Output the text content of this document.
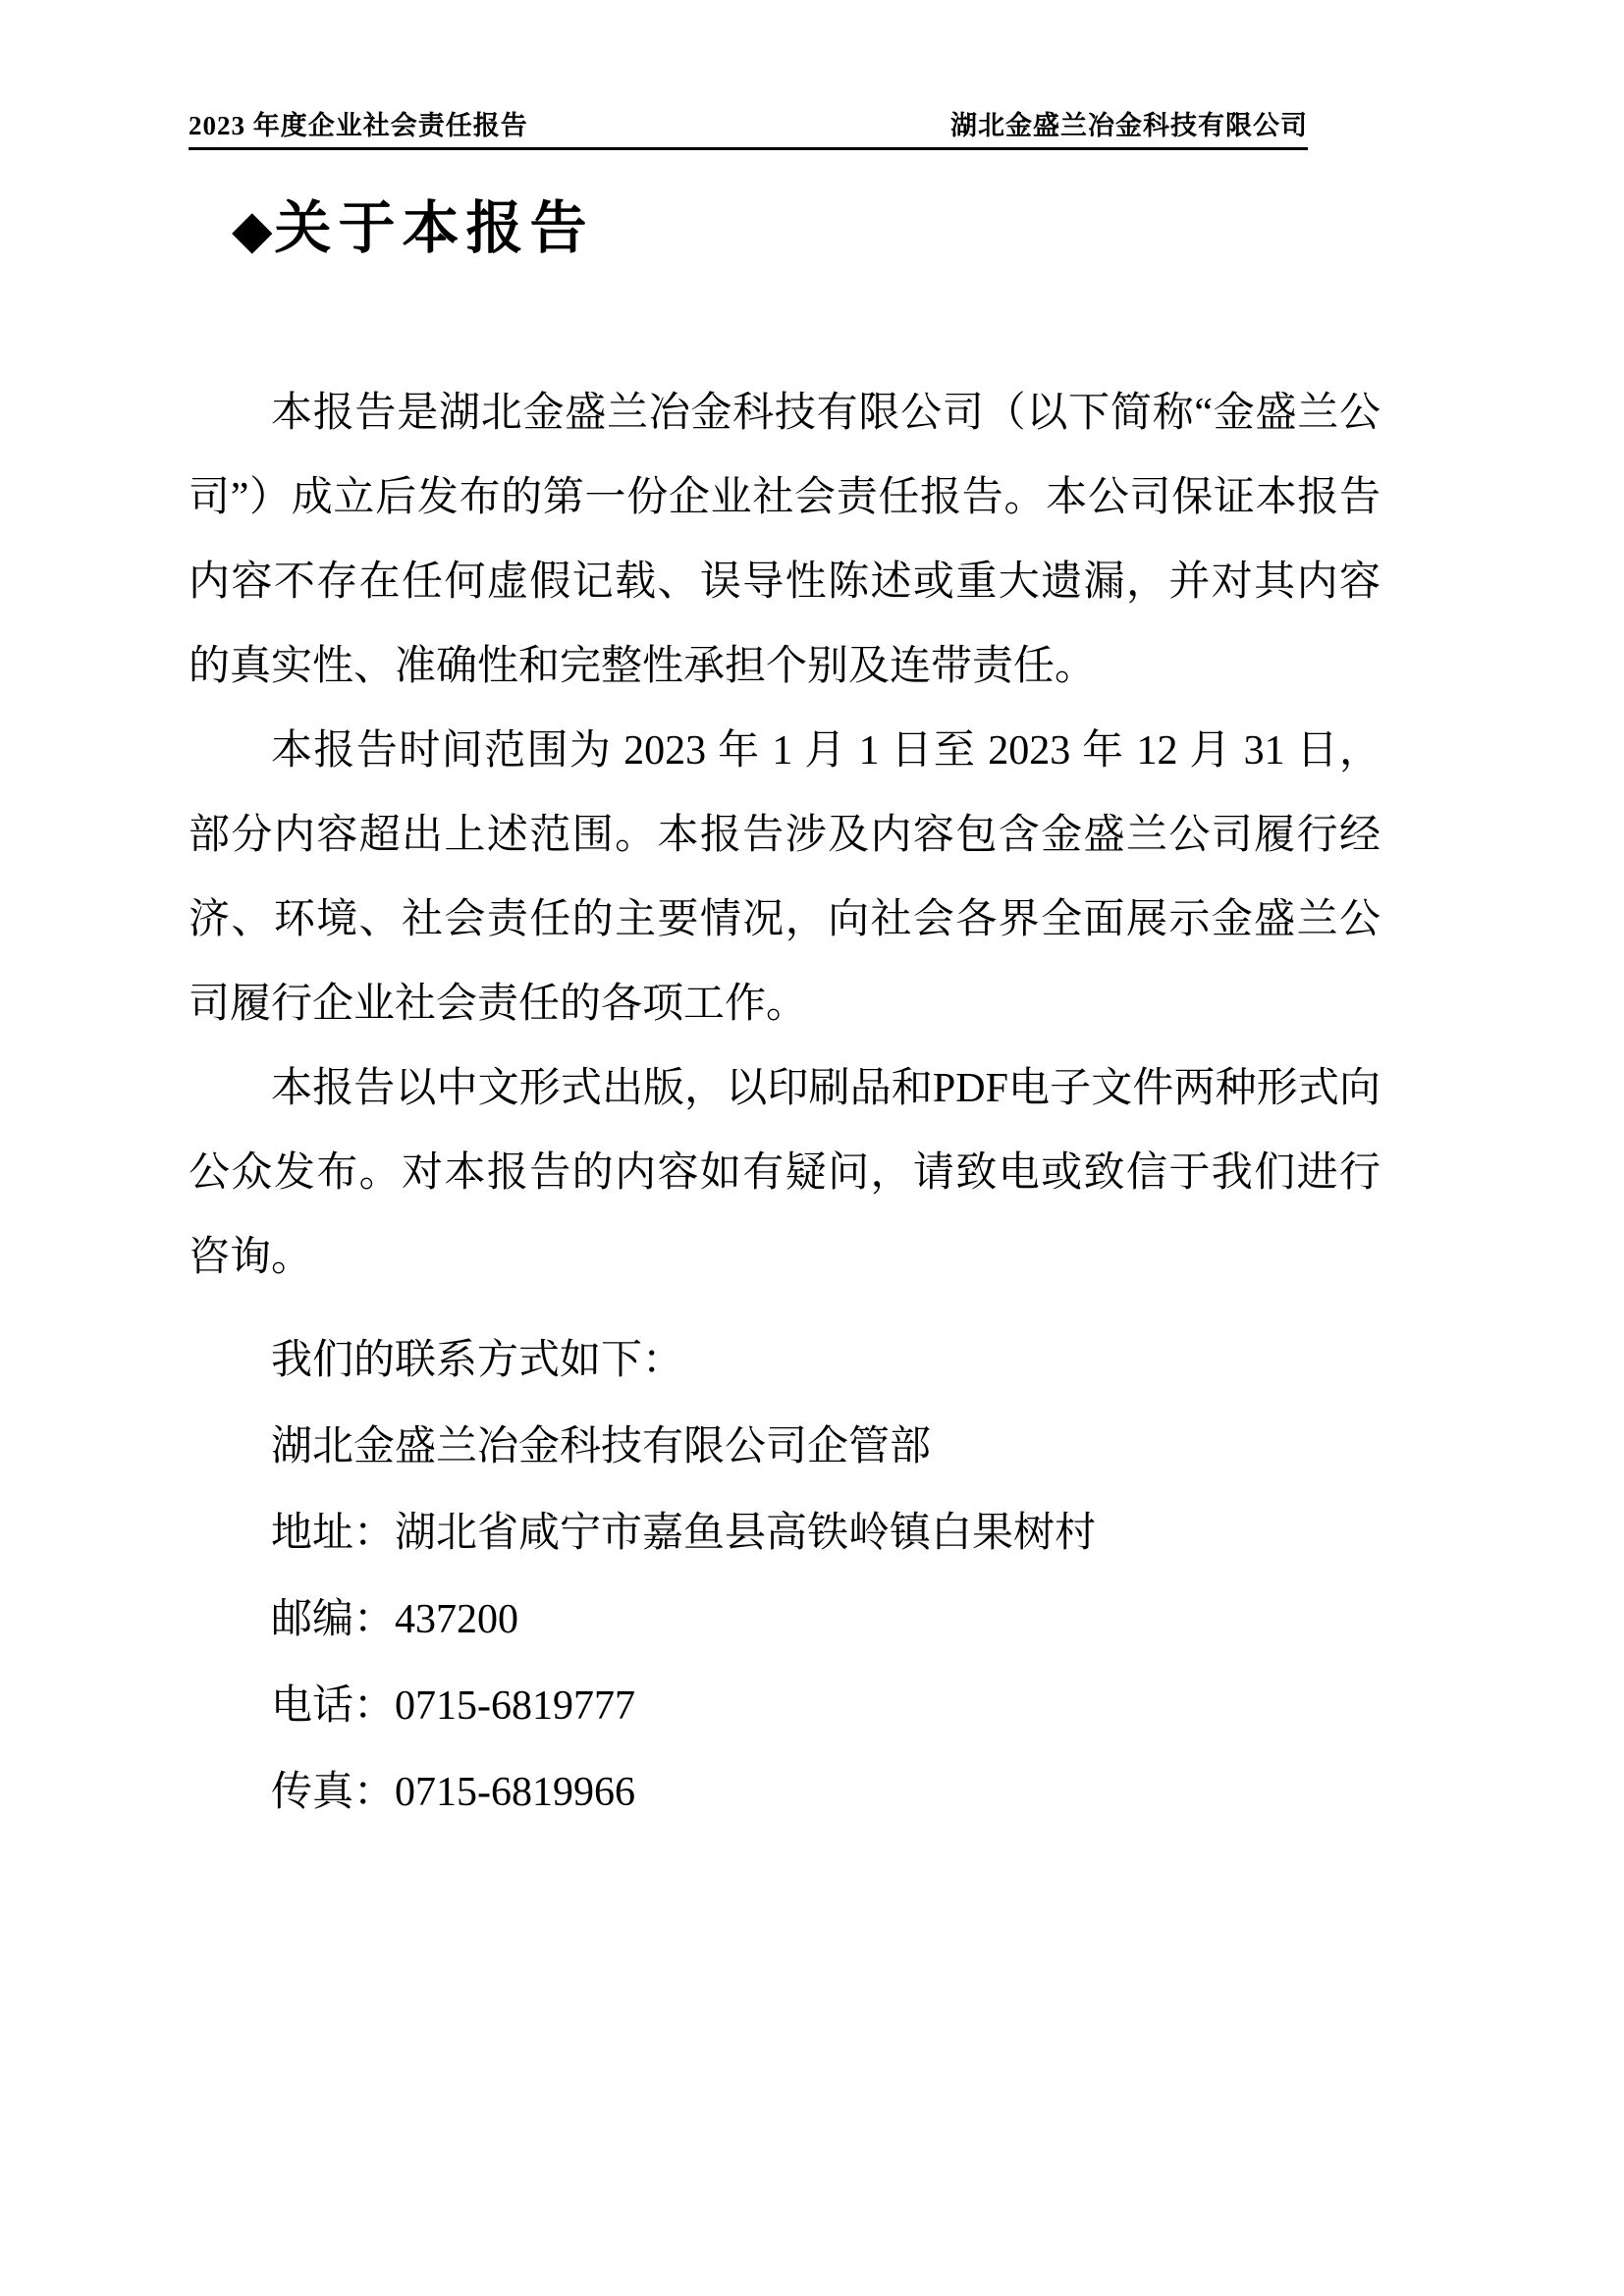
2023 年度企业社会责任报告	湖北金盛兰冶金科技有限公司
◆关于本报告

本报告是湖北金盛兰冶金科技有限公司（以下简称“金盛兰公司”）成立后发布的第一份企业社会责任报告。本公司保证本报告内容不存在任何虚假记载、误导性陈述或重大遗漏，并对其内容的真实性、准确性和完整性承担个别及连带责任。

本报告时间范围为 2023 年 1 月 1 日至 2023 年 12 月 31 日，部分内容超出上述范围。本报告涉及内容包含金盛兰公司履行经济、环境、社会责任的主要情况，向社会各界全面展示金盛兰公司履行企业社会责任的各项工作。

本报告以中文形式出版，以印刷品和PDF电子文件两种形式向公众发布。对本报告的内容如有疑问，请致电或致信于我们进行咨询。

我们的联系方式如下：

湖北金盛兰冶金科技有限公司企管部

地址：湖北省咸宁市嘉鱼县高铁岭镇白果树村

邮编：437200

电话：0715-6819777

传真：0715-6819966
